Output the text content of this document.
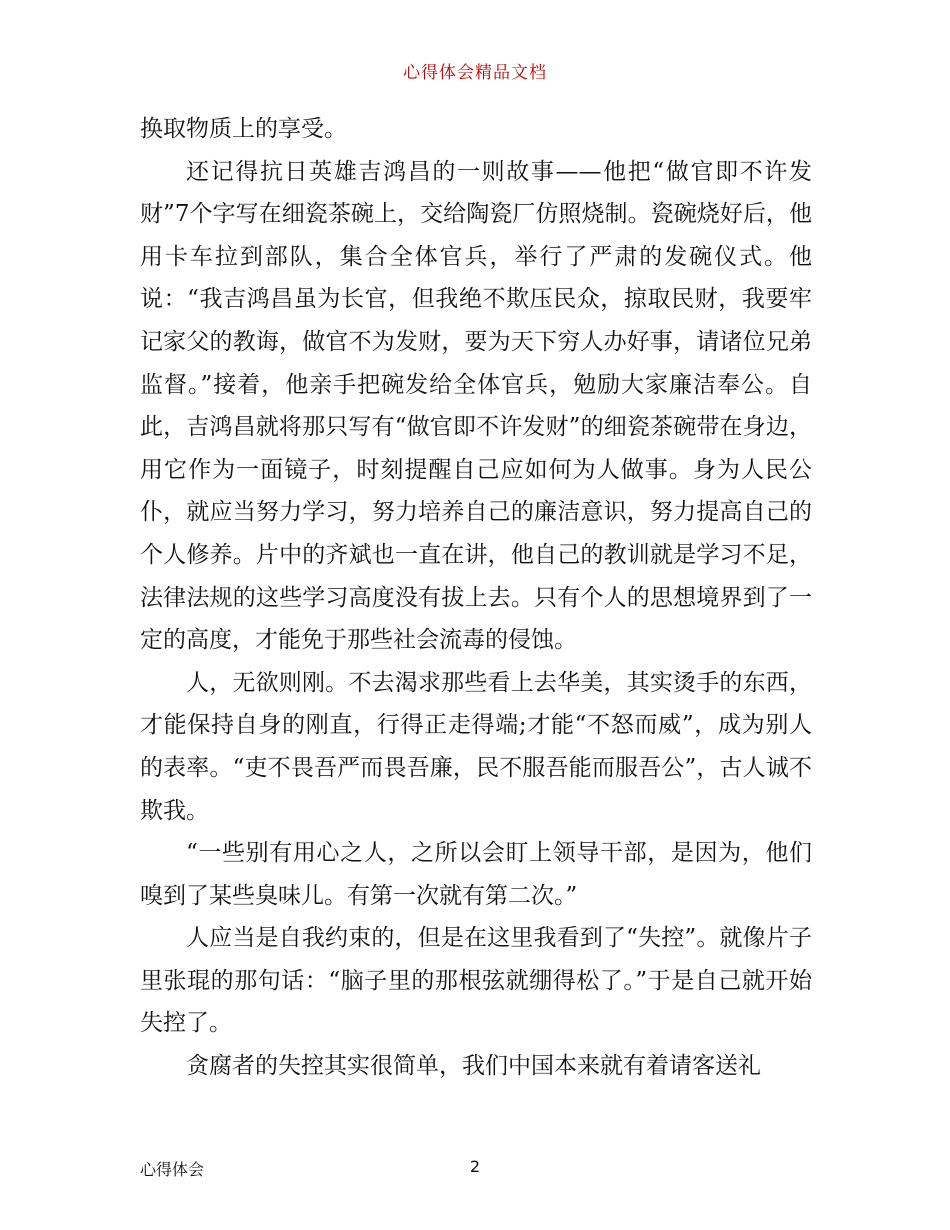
心得体会精品文档

换取物质上的享受。

还记得抗日英雄吉鸿昌的一则故事——他把“做官即不许发财”7个字写在细瓷茶碗上，交给陶瓷厂仿照烧制。瓷碗烧好后，他用卡车拉到部队，集合全体官兵，举行了严肃的发碗仪式。他说：“我吉鸿昌虽为长官，但我绝不欺压民众，掠取民财，我要牢记家父的教诲，做官不为发财，要为天下穷人办好事，请诸位兄弟监督。”接着，他亲手把碗发给全体官兵，勉励大家廉洁奉公。自此，吉鸿昌就将那只写有“做官即不许发财”的细瓷茶碗带在身边，用它作为一面镜子，时刻提醒自己应如何为人做事。身为人民公仆，就应当努力学习，努力培养自己的廉洁意识，努力提高自己的个人修养。片中的齐斌也一直在讲，他自己的教训就是学习不足，法律法规的这些学习高度没有拔上去。只有个人的思想境界到了一定的高度，才能免于那些社会流毒的侵蚀。

人，无欲则刚。不去渴求那些看上去华美，其实烫手的东西，才能保持自身的刚直，行得正走得端;才能“不怒而威”，成为别人的表率。“吏不畏吾严而畏吾廉，民不服吾能而服吾公”，古人诚不欺我。

“一些别有用心之人，之所以会盯上领导干部，是因为，他们嗅到了某些臭味儿。有第一次就有第二次。”

人应当是自我约束的，但是在这里我看到了“失控”。就像片子里张琨的那句话：“脑子里的那根弦就绷得松了。”于是自己就开始失控了。

贪腐者的失控其实很简单，我们中国本来就有着请客送礼

心得体会	2
